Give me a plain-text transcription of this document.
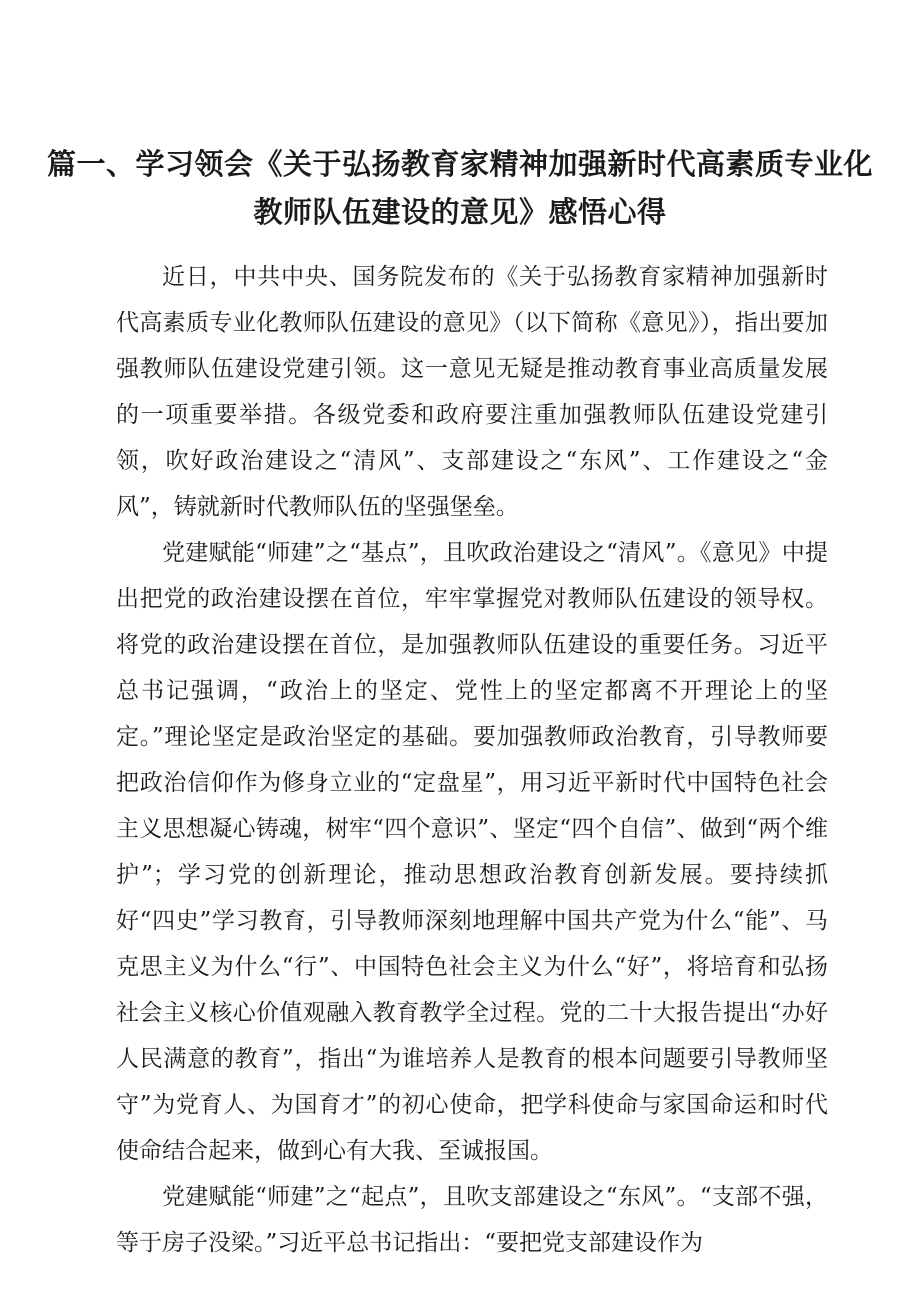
篇一、学习领会《关于弘扬教育家精神加强新时代高素质专业化
教师队伍建设的意见》感悟心得

近日，中共中央、国务院发布的《关于弘扬教育家精神加强新时代高素质专业化教师队伍建设的意见》（以下简称《意见》），指出要加强教师队伍建设党建引领。这一意见无疑是推动教育事业高质量发展的一项重要举措。各级党委和政府要注重加强教师队伍建设党建引领，吹好政治建设之“清风”、支部建设之“东风”、工作建设之“金风”，铸就新时代教师队伍的坚强堡垒。

党建赋能“师建”之“基点”，且吹政治建设之“清风”。《意见》中提出把党的政治建设摆在首位，牢牢掌握党对教师队伍建设的领导权。将党的政治建设摆在首位，是加强教师队伍建设的重要任务。习近平总书记强调，“政治上的坚定、党性上的坚定都离不开理论上的坚定。”理论坚定是政治坚定的基础。要加强教师政治教育，引导教师要把政治信仰作为修身立业的“定盘星”，用习近平新时代中国特色社会主义思想凝心铸魂，树牢“四个意识”、坚定“四个自信”、做到“两个维护”；学习党的创新理论，推动思想政治教育创新发展。要持续抓好“四史”学习教育，引导教师深刻地理解中国共产党为什么“能”、马克思主义为什么“行”、中国特色社会主义为什么“好”，将培育和弘扬社会主义核心价值观融入教育教学全过程。党的二十大报告提出“办好人民满意的教育”，指出“为谁培养人是教育的根本问题要引导教师坚守”为党育人、为国育才”的初心使命，把学科使命与家国命运和时代使命结合起来，做到心有大我、至诚报国。

党建赋能“师建”之“起点”，且吹支部建设之“东风”。“支部不强，等于房子没梁。”习近平总书记指出：“要把党支部建设作为
